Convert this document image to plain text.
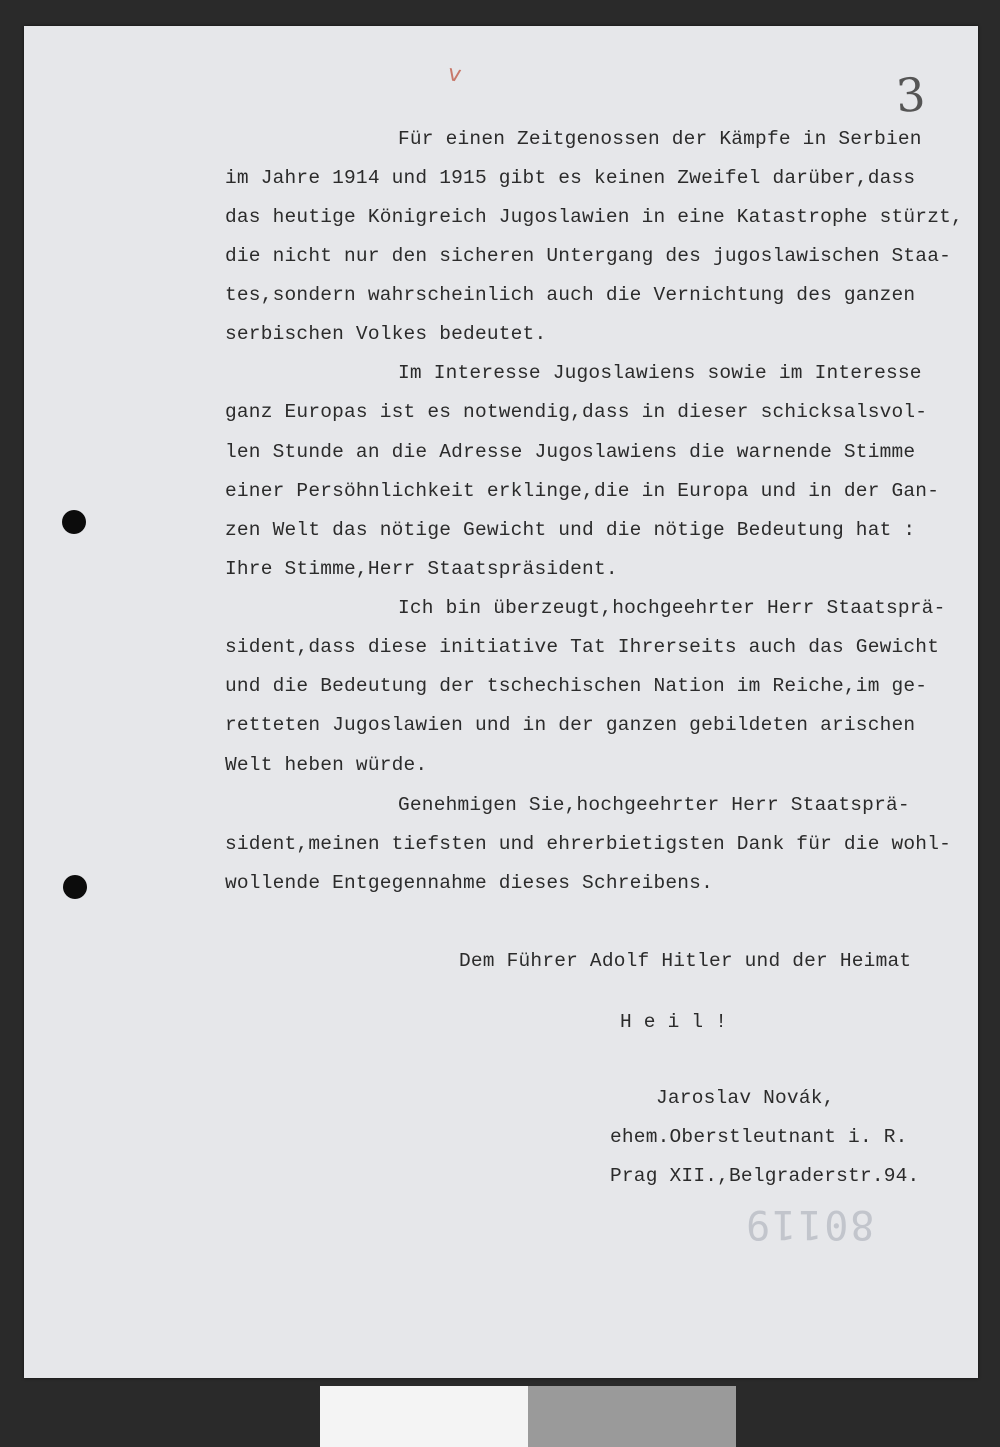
v	3
Für einen Zeitgenossen der Kämpfe in Serbien
im Jahre 1914 und 1915 gibt es keinen Zweifel darüber,dass
das heutige Königreich Jugoslawien in eine Katastrophe stürzt,
die nicht nur den sicheren Untergang des jugoslawischen Staa-
tes,sondern wahrscheinlich auch die Vernichtung des ganzen
serbischen Volkes bedeutet.
Im Interesse Jugoslawiens sowie im Interesse
ganz Europas ist es notwendig,dass in dieser schicksalsvol-
len Stunde an die Adresse Jugoslawiens die warnende Stimme
einer Persöhnlichkeit erklinge,die in Europa und in der Gan-
zen Welt das nötige Gewicht und die nötige Bedeutung hat :
Ihre Stimme,Herr Staatspräsident.
Ich bin überzeugt,hochgeehrter Herr Staatsprä-
sident,dass diese initiative Tat Ihrerseits auch das Gewicht
und die Bedeutung der tschechischen Nation im Reiche,im ge-
retteten Jugoslawien und in der ganzen gebildeten arischen
Welt heben würde.
Genehmigen Sie,hochgeehrter Herr Staatsprä-
sident,meinen tiefsten und ehrerbietigsten Dank für die wohl-
wollende Entgegennahme dieses Schreibens.
Dem Führer Adolf Hitler und der Heimat
H e i l !
Jaroslav Novák,
ehem.Oberstleutnant i. R.
Prag XII.,Belgraderstr.94.
80119
